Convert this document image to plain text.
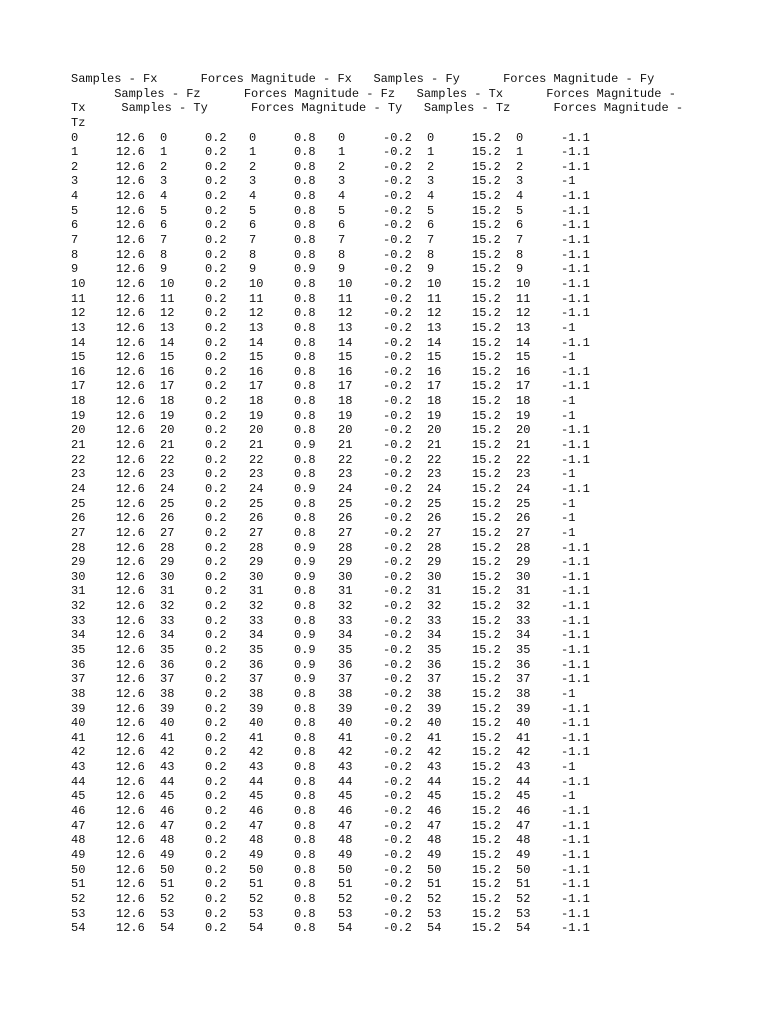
Samples - Fx      Forces Magnitude - Fx   Samples - Fy      Forces Magnitude - Fy
Samples - Fz      Forces Magnitude - Fz   Samples - Tx      Forces Magnitude -
Tx     Samples - Ty      Forces Magnitude - Ty   Samples - Tz      Forces Magnitude -
Tz
0	12.6 0	0.2 0	0.8 0	-0.2 0	15.2 0	-1.1
1	12.6 1	0.2 1	0.8 1	-0.2 1	15.2 1	-1.1
2	12.6 2	0.2 2	0.8 2	-0.2 2	15.2 2	-1.1
3	12.6 3	0.2 3	0.8 3	-0.2 3	15.2 3	-1
4	12.6 4	0.2 4	0.8 4	-0.2 4	15.2 4	-1.1
5	12.6 5	0.2 5	0.8 5	-0.2 5	15.2 5	-1.1
6	12.6 6	0.2 6	0.8 6	-0.2 6	15.2 6	-1.1
7	12.6 7	0.2 7	0.8 7	-0.2 7	15.2 7	-1.1
8	12.6 8	0.2 8	0.8 8	-0.2 8	15.2 8	-1.1
9	12.6 9	0.2 9	0.9 9	-0.2 9	15.2 9	-1.1
10	12.6 10	0.2 10	0.8 10	-0.2 10	15.2 10	-1.1
11	12.6 11	0.2 11	0.8 11	-0.2 11	15.2 11	-1.1
12	12.6 12	0.2 12	0.8 12	-0.2 12	15.2 12	-1.1
13	12.6 13	0.2 13	0.8 13	-0.2 13	15.2 13	-1
14	12.6 14	0.2 14	0.8 14	-0.2 14	15.2 14	-1.1
15	12.6 15	0.2 15	0.8 15	-0.2 15	15.2 15	-1
16	12.6 16	0.2 16	0.8 16	-0.2 16	15.2 16	-1.1
17	12.6 17	0.2 17	0.8 17	-0.2 17	15.2 17	-1.1
18	12.6 18	0.2 18	0.8 18	-0.2 18	15.2 18	-1
19	12.6 19	0.2 19	0.8 19	-0.2 19	15.2 19	-1
20	12.6 20	0.2 20	0.8 20	-0.2 20	15.2 20	-1.1
21	12.6 21	0.2 21	0.9 21	-0.2 21	15.2 21	-1.1
22	12.6 22	0.2 22	0.8 22	-0.2 22	15.2 22	-1.1
23	12.6 23	0.2 23	0.8 23	-0.2 23	15.2 23	-1
24	12.6 24	0.2 24	0.9 24	-0.2 24	15.2 24	-1.1
25	12.6 25	0.2 25	0.8 25	-0.2 25	15.2 25	-1
26	12.6 26	0.2 26	0.8 26	-0.2 26	15.2 26	-1
27	12.6 27	0.2 27	0.8 27	-0.2 27	15.2 27	-1
28	12.6 28	0.2 28	0.9 28	-0.2 28	15.2 28	-1.1
29	12.6 29	0.2 29	0.9 29	-0.2 29	15.2 29	-1.1
30	12.6 30	0.2 30	0.9 30	-0.2 30	15.2 30	-1.1
31	12.6 31	0.2 31	0.8 31	-0.2 31	15.2 31	-1.1
32	12.6 32	0.2 32	0.8 32	-0.2 32	15.2 32	-1.1
33	12.6 33	0.2 33	0.8 33	-0.2 33	15.2 33	-1.1
34	12.6 34	0.2 34	0.9 34	-0.2 34	15.2 34	-1.1
35	12.6 35	0.2 35	0.9 35	-0.2 35	15.2 35	-1.1
36	12.6 36	0.2 36	0.9 36	-0.2 36	15.2 36	-1.1
37	12.6 37	0.2 37	0.9 37	-0.2 37	15.2 37	-1.1
38	12.6 38	0.2 38	0.8 38	-0.2 38	15.2 38	-1
39	12.6 39	0.2 39	0.8 39	-0.2 39	15.2 39	-1.1
40	12.6 40	0.2 40	0.8 40	-0.2 40	15.2 40	-1.1
41	12.6 41	0.2 41	0.8 41	-0.2 41	15.2 41	-1.1
42	12.6 42	0.2 42	0.8 42	-0.2 42	15.2 42	-1.1
43	12.6 43	0.2 43	0.8 43	-0.2 43	15.2 43	-1
44	12.6 44	0.2 44	0.8 44	-0.2 44	15.2 44	-1.1
45	12.6 45	0.2 45	0.8 45	-0.2 45	15.2 45	-1
46	12.6 46	0.2 46	0.8 46	-0.2 46	15.2 46	-1.1
47	12.6 47	0.2 47	0.8 47	-0.2 47	15.2 47	-1.1
48	12.6 48	0.2 48	0.8 48	-0.2 48	15.2 48	-1.1
49	12.6 49	0.2 49	0.8 49	-0.2 49	15.2 49	-1.1
50	12.6 50	0.2 50	0.8 50	-0.2 50	15.2 50	-1.1
51	12.6 51	0.2 51	0.8 51	-0.2 51	15.2 51	-1.1
52	12.6 52	0.2 52	0.8 52	-0.2 52	15.2 52	-1.1
53	12.6 53	0.2 53	0.8 53	-0.2 53	15.2 53	-1.1
54	12.6 54	0.2 54	0.8 54	-0.2 54	15.2 54	-1.1
